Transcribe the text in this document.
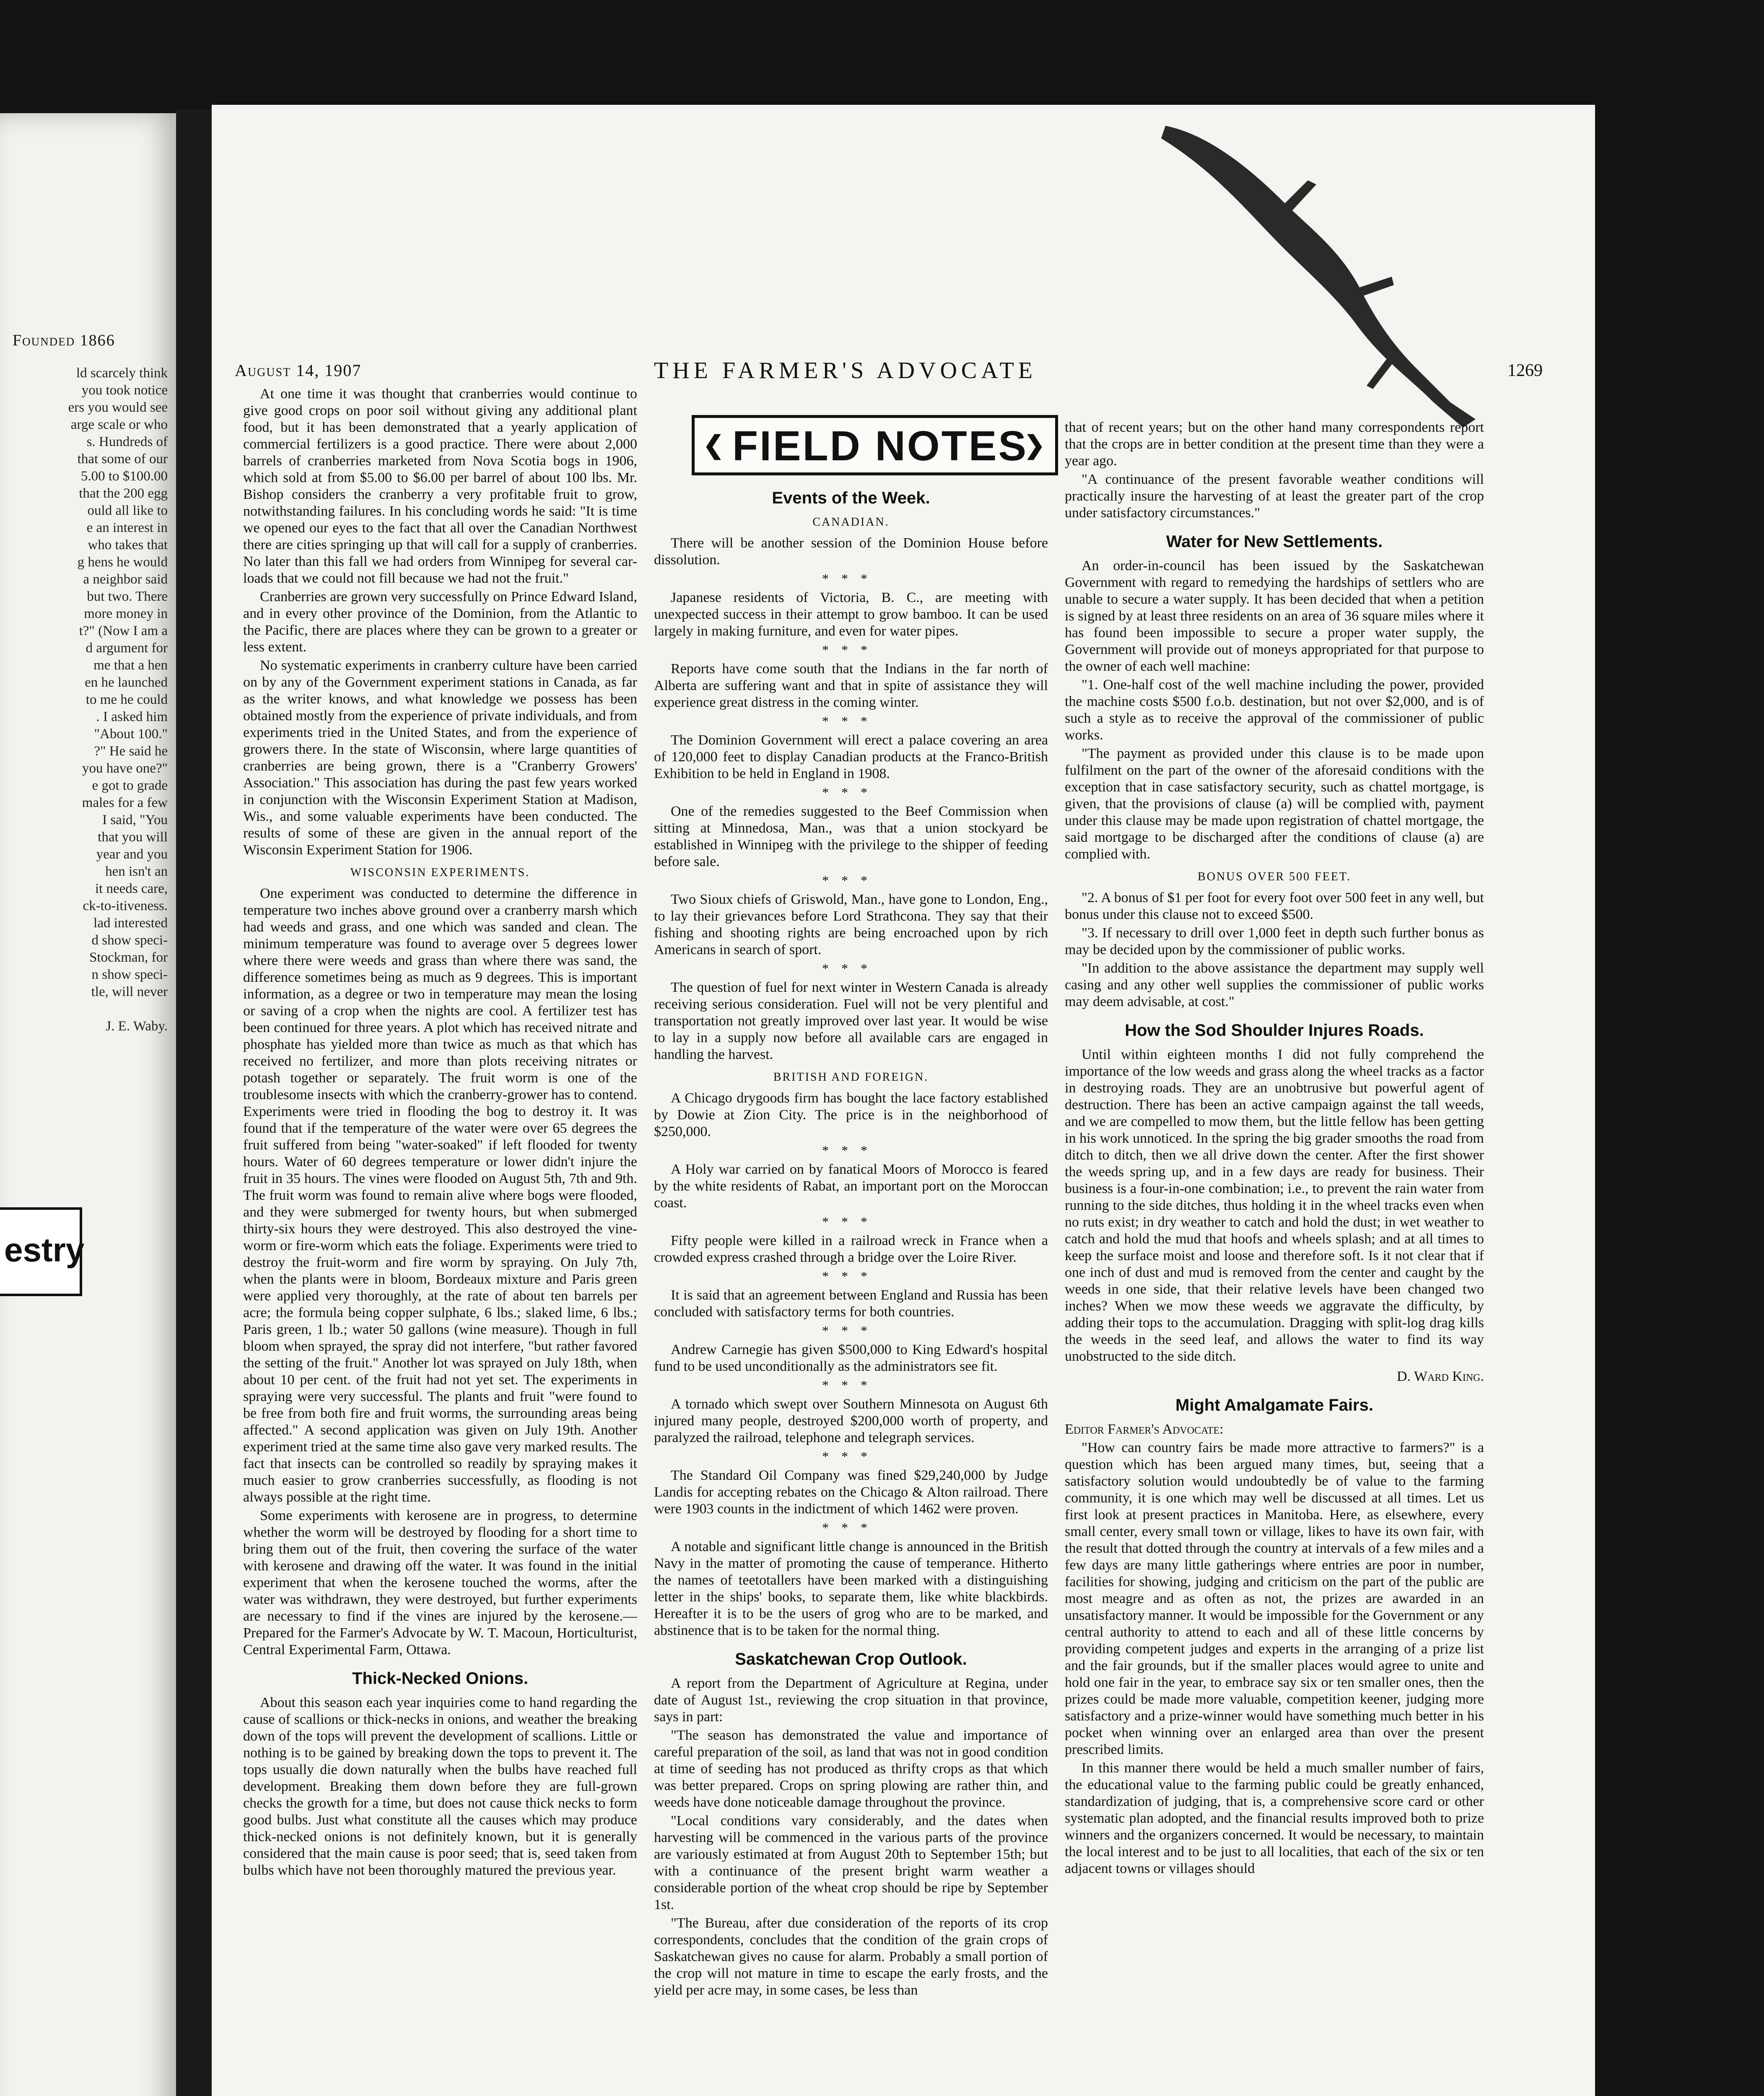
Founded 1866
ld scarcely think
you took notice
ers you would see
arge scale or who
s. Hundreds of
that some of our
5.00 to $100.00
that the 200 egg
ould all like to
e an interest in
who takes that
g hens he would
a neighbor said
but two. There
more money in
t?" (Now I am a
d argument for
me that a hen
en he launched
to me he could
. I asked him
"About 100."
?" He said he
you have one?"
e got to grade
males for a few
I said, "You
that you will
year and you
hen isn't an
it needs care,
ck-to-itiveness.
lad interested
d show speci-
Stockman, for
n show speci-
tle, will never

J. E. Waby.
estry
August 14, 1907	THE FARMER'S ADVOCATE	1269

At one time it was thought that cranberries would continue to give good crops on poor soil without giving any additional plant food, but it has been demonstrated that a yearly application of commercial fertilizers is a good practice. There were about 2,000 barrels of cranberries marketed from Nova Scotia bogs in 1906, which sold at from $5.00 to $6.00 per barrel of about 100 lbs. Mr. Bishop considers the cranberry a very profitable fruit to grow, notwithstanding failures. In his concluding words he said: "It is time we opened our eyes to the fact that all over the Canadian Northwest there are cities springing up that will call for a supply of cranberries. No later than this fall we had orders from Winnipeg for several car-loads that we could not fill because we had not the fruit."

Cranberries are grown very successfully on Prince Edward Island, and in every other province of the Dominion, from the Atlantic to the Pacific, there are places where they can be grown to a greater or less extent.

No systematic experiments in cranberry culture have been carried on by any of the Government experiment stations in Canada, as far as the writer knows, and what knowledge we possess has been obtained mostly from the experience of private individuals, and from experiments tried in the United States, and from the experience of growers there. In the state of Wisconsin, where large quantities of cranberries are being grown, there is a "Cranberry Growers' Association." This association has during the past few years worked in conjunction with the Wisconsin Experiment Station at Madison, Wis., and some valuable experiments have been conducted. The results of some of these are given in the annual report of the Wisconsin Experiment Station for 1906.

WISCONSIN EXPERIMENTS.

One experiment was conducted to determine the difference in temperature two inches above ground over a cranberry marsh which had weeds and grass, and one which was sanded and clean. The minimum temperature was found to average over 5 degrees lower where there were weeds and grass than where there was sand, the difference sometimes being as much as 9 degrees. This is important information, as a degree or two in temperature may mean the losing or saving of a crop when the nights are cool. A fertilizer test has been continued for three years. A plot which has received nitrate and phosphate has yielded more than twice as much as that which has received no fertilizer, and more than plots receiving nitrates or potash together or separately. The fruit worm is one of the troublesome insects with which the cranberry-grower has to contend. Experiments were tried in flooding the bog to destroy it. It was found that if the temperature of the water were over 65 degrees the fruit suffered from being "water-soaked" if left flooded for twenty hours. Water of 60 degrees temperature or lower didn't injure the fruit in 35 hours. The vines were flooded on August 5th, 7th and 9th. The fruit worm was found to remain alive where bogs were flooded, and they were submerged for twenty hours, but when submerged thirty-six hours they were destroyed. This also destroyed the vine-worm or fire-worm which eats the foliage. Experiments were tried to destroy the fruit-worm and fire worm by spraying. On July 7th, when the plants were in bloom, Bordeaux mixture and Paris green were applied very thoroughly, at the rate of about ten barrels per acre; the formula being copper sulphate, 6 lbs.; slaked lime, 6 lbs.; Paris green, 1 lb.; water 50 gallons (wine measure). Though in full bloom when sprayed, the spray did not interfere, "but rather favored the setting of the fruit." Another lot was sprayed on July 18th, when about 10 per cent. of the fruit had not yet set. The experiments in spraying were very successful. The plants and fruit "were found to be free from both fire and fruit worms, the surrounding areas being affected." A second application was given on July 19th. Another experiment tried at the same time also gave very marked results. The fact that insects can be controlled so readily by spraying makes it much easier to grow cranberries successfully, as flooding is not always possible at the right time.

Some experiments with kerosene are in progress, to determine whether the worm will be destroyed by flooding for a short time to bring them out of the fruit, then covering the surface of the water with kerosene and drawing off the water. It was found in the initial experiment that when the kerosene touched the worms, after the water was withdrawn, they were destroyed, but further experiments are necessary to find if the vines are injured by the kerosene.—Prepared for the Farmer's Advocate by W. T. Macoun, Horticulturist, Central Experimental Farm, Ottawa.

Thick-Necked Onions.

About this season each year inquiries come to hand regarding the cause of scallions or thick-necks in onions, and weather the breaking down of the tops will prevent the development of scallions. Little or nothing is to be gained by breaking down the tops to prevent it. The tops usually die down naturally when the bulbs have reached full development. Breaking them down before they are full-grown checks the growth for a time, but does not cause thick necks to form good bulbs. Just what constitute all the causes which may produce thick-necked onions is not definitely known, but it is generally considered that the main cause is poor seed; that is, seed taken from bulbs which have not been thoroughly matured the previous year.

❮ FIELD NOTES
❯
Events of the Week.

CANADIAN.

There will be another session of the Dominion House before dissolution.

***

Japanese residents of Victoria, B. C., are meeting with unexpected success in their attempt to grow bamboo. It can be used largely in making furniture, and even for water pipes.

***

Reports have come south that the Indians in the far north of Alberta are suffering want and that in spite of assistance they will experience great distress in the coming winter.

***

The Dominion Government will erect a palace covering an area of 120,000 feet to display Canadian products at the Franco-British Exhibition to be held in England in 1908.

***

One of the remedies suggested to the Beef Commission when sitting at Minnedosa, Man., was that a union stockyard be established in Winnipeg with the privilege to the shipper of feeding before sale.

***

Two Sioux chiefs of Griswold, Man., have gone to London, Eng., to lay their grievances before Lord Strathcona. They say that their fishing and shooting rights are being encroached upon by rich Americans in search of sport.

***

The question of fuel for next winter in Western Canada is already receiving serious consideration. Fuel will not be very plentiful and transportation not greatly improved over last year. It would be wise to lay in a supply now before all available cars are engaged in handling the harvest.

BRITISH AND FOREIGN.

A Chicago drygoods firm has bought the lace factory established by Dowie at Zion City. The price is in the neighborhood of $250,000.

***

A Holy war carried on by fanatical Moors of Morocco is feared by the white residents of Rabat, an important port on the Moroccan coast.

***

Fifty people were killed in a railroad wreck in France when a crowded express crashed through a bridge over the Loire River.

***

It is said that an agreement between England and Russia has been concluded with satisfactory terms for both countries.

***

Andrew Carnegie has given $500,000 to King Edward's hospital fund to be used unconditionally as the administrators see fit.

***

A tornado which swept over Southern Minnesota on August 6th injured many people, destroyed $200,000 worth of property, and paralyzed the railroad, telephone and telegraph services.

***

The Standard Oil Company was fined $29,240,000 by Judge Landis for accepting rebates on the Chicago & Alton railroad. There were 1903 counts in the indictment of which 1462 were proven.

***

A notable and significant little change is announced in the British Navy in the matter of promoting the cause of temperance. Hitherto the names of teetotallers have been marked with a distinguishing letter in the ships' books, to separate them, like white blackbirds. Hereafter it is to be the users of grog who are to be marked, and abstinence that is to be taken for the normal thing.

Saskatchewan Crop Outlook.

A report from the Department of Agriculture at Regina, under date of August 1st., reviewing the crop situation in that province, says in part:

"The season has demonstrated the value and importance of careful preparation of the soil, as land that was not in good condition at time of seeding has not produced as thrifty crops as that which was better prepared. Crops on spring plowing are rather thin, and weeds have done noticeable damage throughout the province.

"Local conditions vary considerably, and the dates when harvesting will be commenced in the various parts of the province are variously estimated at from August 20th to September 15th; but with a continuance of the present bright warm weather a considerable portion of the wheat crop should be ripe by September 1st.

"The Bureau, after due consideration of the reports of its crop correspondents, concludes that the condition of the grain crops of Saskatchewan gives no cause for alarm. Probably a small portion of the crop will not mature in time to escape the early frosts, and the yield per acre may, in some cases, be less than

that of recent years; but on the other hand many correspondents report that the crops are in better condition at the present time than they were a year ago.

"A continuance of the present favorable weather conditions will practically insure the harvesting of at least the greater part of the crop under satisfactory circumstances."

Water for New Settlements.

An order-in-council has been issued by the Saskatchewan Government with regard to remedying the hardships of settlers who are unable to secure a water supply. It has been decided that when a petition is signed by at least three residents on an area of 36 square miles where it has found been impossible to secure a proper water supply, the Government will provide out of moneys appropriated for that purpose to the owner of each well machine:

"1. One-half cost of the well machine including the power, provided the machine costs $500 f.o.b. destination, but not over $2,000, and is of such a style as to receive the approval of the commissioner of public works.

"The payment as provided under this clause is to be made upon fulfilment on the part of the owner of the aforesaid conditions with the exception that in case satisfactory security, such as chattel mortgage, is given, that the provisions of clause (a) will be complied with, payment under this clause may be made upon registration of chattel mortgage, the said mortgage to be discharged after the conditions of clause (a) are complied with.

BONUS OVER 500 FEET.

"2. A bonus of $1 per foot for every foot over 500 feet in any well, but bonus under this clause not to exceed $500.

"3. If necessary to drill over 1,000 feet in depth such further bonus as may be decided upon by the commissioner of public works.

"In addition to the above assistance the department may supply well casing and any other well supplies the commissioner of public works may deem advisable, at cost."

How the Sod Shoulder Injures Roads.

Until within eighteen months I did not fully comprehend the importance of the low weeds and grass along the wheel tracks as a factor in destroying roads. They are an unobtrusive but powerful agent of destruction. There has been an active campaign against the tall weeds, and we are compelled to mow them, but the little fellow has been getting in his work unnoticed. In the spring the big grader smooths the road from ditch to ditch, then we all drive down the center. After the first shower the weeds spring up, and in a few days are ready for business. Their business is a four-in-one combination; i.e., to prevent the rain water from running to the side ditches, thus holding it in the wheel tracks even when no ruts exist; in dry weather to catch and hold the dust; in wet weather to catch and hold the mud that hoofs and wheels splash; and at all times to keep the surface moist and loose and therefore soft. Is it not clear that if one inch of dust and mud is removed from the center and caught by the weeds in one side, that their relative levels have been changed two inches? When we mow these weeds we aggravate the difficulty, by adding their tops to the accumulation. Dragging with split-log drag kills the weeds in the seed leaf, and allows the water to find its way unobstructed to the side ditch.

D. Ward King.

Might Amalgamate Fairs.

Editor Farmer's Advocate:

"How can country fairs be made more attractive to farmers?" is a question which has been argued many times, but, seeing that a satisfactory solution would undoubtedly be of value to the farming community, it is one which may well be discussed at all times. Let us first look at present practices in Manitoba. Here, as elsewhere, every small center, every small town or village, likes to have its own fair, with the result that dotted through the country at intervals of a few miles and a few days are many little gatherings where entries are poor in number, facilities for showing, judging and criticism on the part of the public are most meagre and as often as not, the prizes are awarded in an unsatisfactory manner. It would be impossible for the Government or any central authority to attend to each and all of these little concerns by providing competent judges and experts in the arranging of a prize list and the fair grounds, but if the smaller places would agree to unite and hold one fair in the year, to embrace say six or ten smaller ones, then the prizes could be made more valuable, competition keener, judging more satisfactory and a prize-winner would have something much better in his pocket when winning over an enlarged area than over the present prescribed limits.

In this manner there would be held a much smaller number of fairs, the educational value to the farming public could be greatly enhanced, standardization of judging, that is, a comprehensive score card or other systematic plan adopted, and the financial results improved both to prize winners and the organizers concerned. It would be necessary, to maintain the local interest and to be just to all localities, that each of the six or ten adjacent towns or villages should
